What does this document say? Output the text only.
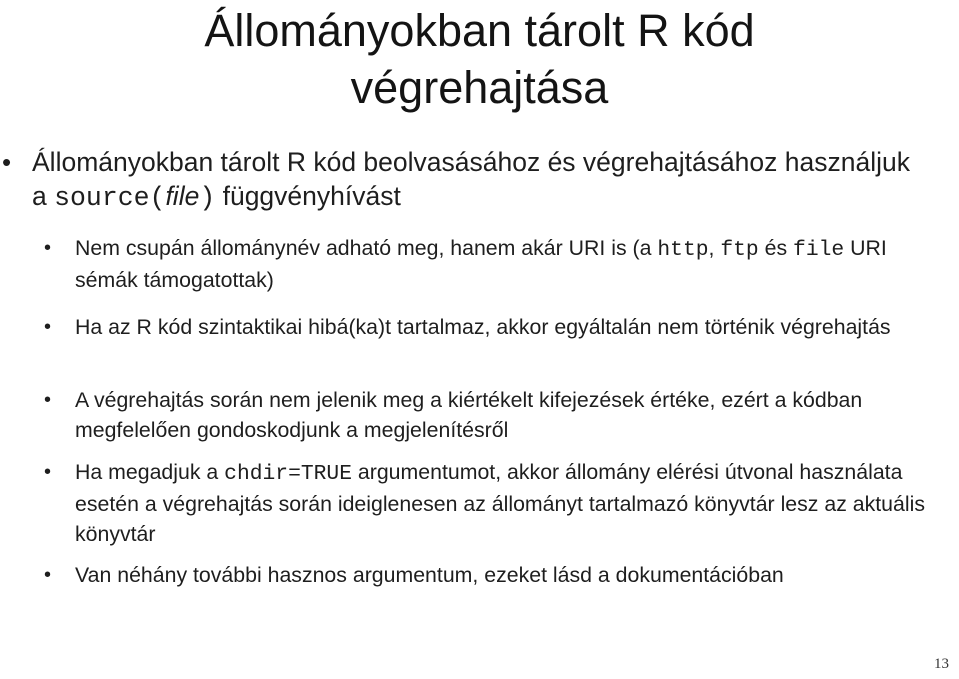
Állományokban tárolt R kód
végrehajtása
• Állományokban tárolt R kód beolvasásához és végrehajtásához használjuk a source(file) függvényhívást
• Nem csupán állománynév adható meg, hanem akár URI is (a http, ftp és file URI sémák támogatottak)
• Ha az R kód szintaktikai hibá(ka)t tartalmaz, akkor egyáltalán nem történik végrehajtás
• A végrehajtás során nem jelenik meg a kiértékelt kifejezések értéke, ezért a kódban megfelelően gondoskodjunk a megjelenítésről
• Ha megadjuk a chdir=TRUE argumentumot, akkor állomány elérési útvonal használata esetén a végrehajtás során ideiglenesen az állományt tartalmazó könyvtár lesz az aktuális könyvtár
• Van néhány további hasznos argumentum, ezeket lásd a dokumentációban
13
